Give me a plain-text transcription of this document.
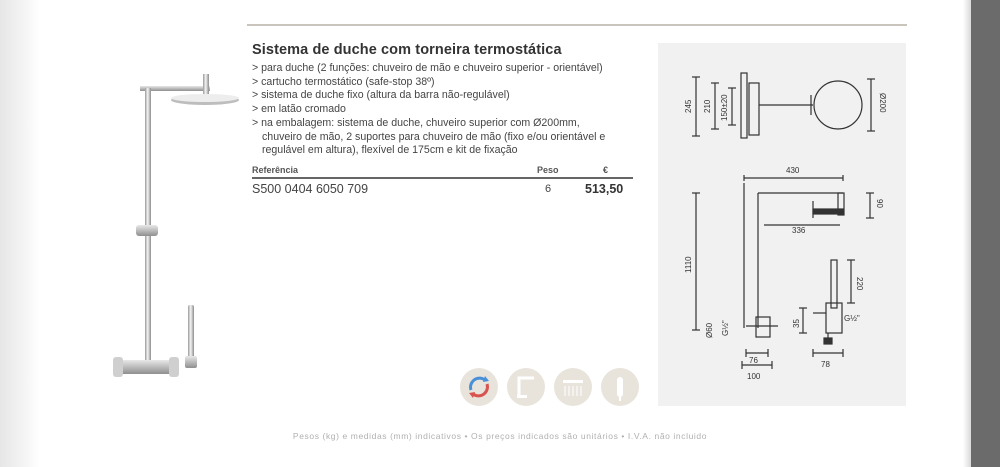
Sistema de duche com torneira termostática
> para duche (2 funções: chuveiro de mão e chuveiro superior - orientável)
> cartucho termostático (safe-stop 38º)
> sistema de duche fixo (altura da barra não-regulável)
> em latão cromado
> na embalagem: sistema de duche, chuveiro superior com Ø200mm,
chuveiro de mão, 2 suportes para chuveiro de mão (fixo e/ou orientável e
regulável em altura), flexível de 175cm e kit de fixação
Referência	Peso	€
S500 0404 6050 709	6	513,50
245 210 150±20	Ø200
430
90
336
1110
220
35
G½"
Ø60 G½"
76
100
78
Pesos (kg) e medidas (mm) indicativos • Os preços indicados são unitários • I.V.A. não incluido
